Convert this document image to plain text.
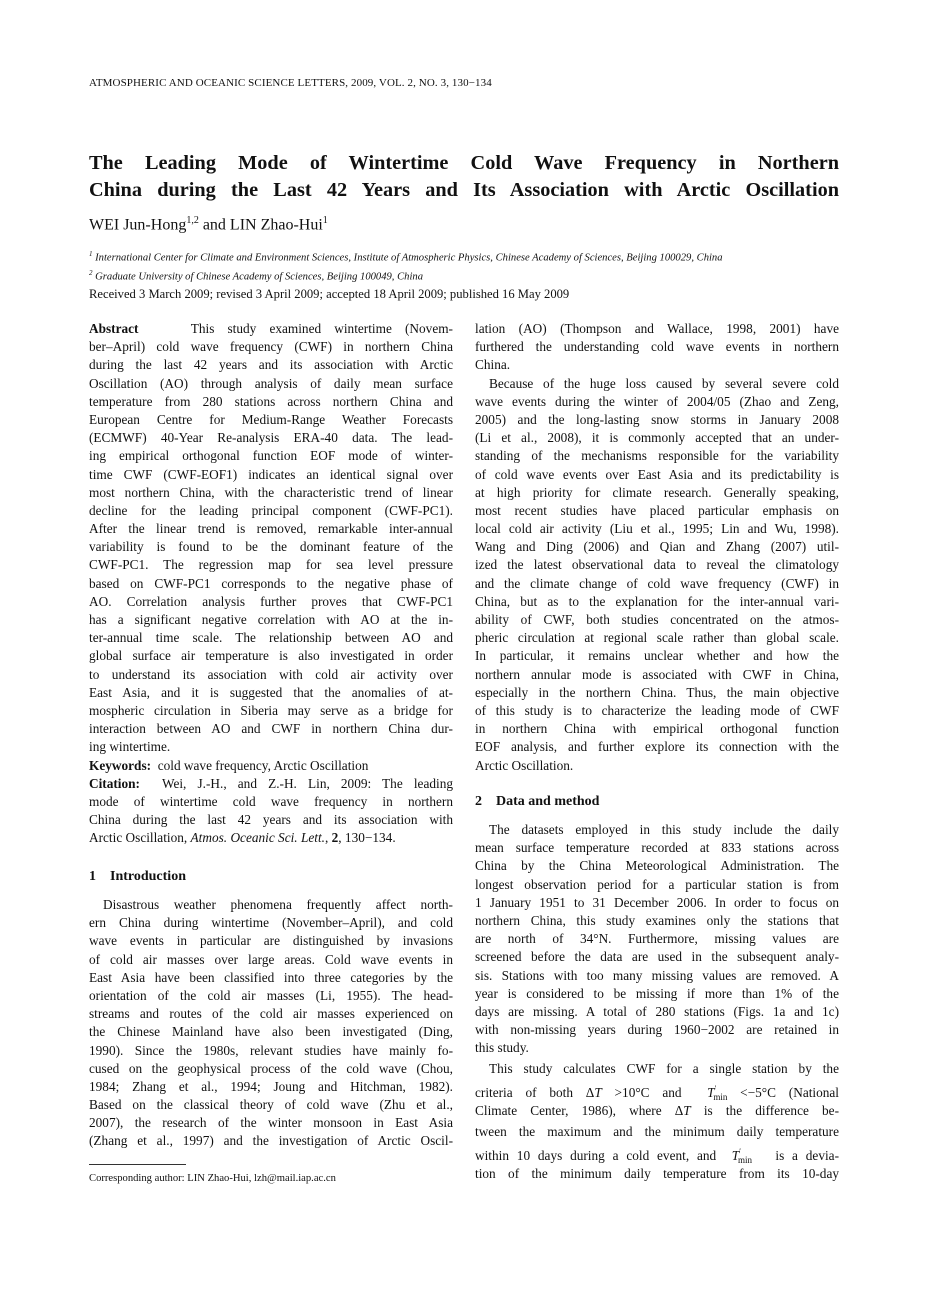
ATMOSPHERIC AND OCEANIC SCIENCE LETTERS, 2009, VOL. 2, NO. 3, 130−134
The Leading Mode of Wintertime Cold Wave Frequency in Northern
China during the Last 42 Years and Its Association with Arctic Oscillation
WEI Jun-Hong$^{1,2}$ and LIN Zhao-Hui$^1$
$^1$ International Center for Climate and Environment Sciences, Institute of Atmospheric Physics, Chinese Academy of Sciences, Beijing 100029, China
$^2$ Graduate University of Chinese Academy of Sciences, Beijing 100049, China
Received 3 March 2009; revised 3 April 2009; accepted 18 April 2009; published 16 May 2009
Abstract    This study examined wintertime (Novem-
ber–April) cold wave frequency (CWF) in northern China
during the last 42 years and its association with Arctic
Oscillation (AO) through analysis of daily mean surface
temperature from 280 stations across northern China and
European Centre for Medium-Range Weather Forecasts
(ECMWF) 40-Year Re-analysis ERA-40 data. The lead-
ing empirical orthogonal function EOF mode of winter-
time CWF (CWF-EOF1) indicates an identical signal over
most northern China, with the characteristic trend of linear
decline for the leading principal component (CWF-PC1).
After the linear trend is removed, remarkable inter-annual
variability is found to be the dominant feature of the
CWF-PC1. The regression map for sea level pressure
based on CWF-PC1 corresponds to the negative phase of
AO. Correlation analysis further proves that CWF-PC1
has a significant negative correlation with AO at the in-
ter-annual time scale. The relationship between AO and
global surface air temperature is also investigated in order
to understand its association with cold air activity over
East Asia, and it is suggested that the anomalies of at-
mospheric circulation in Siberia may serve as a bridge for
interaction between AO and CWF in northern China dur-
ing wintertime.
Keywords:  cold wave frequency, Arctic Oscillation
Citation:  Wei, J.-H., and Z.-H. Lin, 2009: The leading
mode of wintertime cold wave frequency in northern
China during the last 42 years and its association with
Arctic Oscillation, Atmos. Oceanic Sci. Lett., 2, 130−134.
1    Introduction
Disastrous weather phenomena frequently affect north-
ern China during wintertime (November–April), and cold
wave events in particular are distinguished by invasions
of cold air masses over large areas. Cold wave events in
East Asia have been classified into three categories by the
orientation of the cold air masses (Li, 1955). The head-
streams and routes of the cold air masses experienced on
the Chinese Mainland have also been investigated (Ding,
1990). Since the 1980s, relevant studies have mainly fo-
cused on the geophysical process of the cold wave (Chou,
1984; Zhang et al., 1994; Joung and Hitchman, 1982).
Based on the classical theory of cold wave (Zhu et al.,
2007), the research of the winter monsoon in East Asia
(Zhang et al., 1997) and the investigation of Arctic Oscil-
lation (AO) (Thompson and Wallace, 1998, 2001) have
furthered the understanding cold wave events in northern
China.
Because of the huge loss caused by several severe cold
wave events during the winter of 2004/05 (Zhao and Zeng,
2005) and the long-lasting snow storms in January 2008
(Li et al., 2008), it is commonly accepted that an under-
standing of the mechanisms responsible for the variability
of cold wave events over East Asia and its predictability is
at high priority for climate research. Generally speaking,
most recent studies have placed particular emphasis on
local cold air activity (Liu et al., 1995; Lin and Wu, 1998).
Wang and Ding (2006) and Qian and Zhang (2007) util-
ized the latest observational data to reveal the climatology
and the climate change of cold wave frequency (CWF) in
China, but as to the explanation for the inter-annual vari-
ability of CWF, both studies concentrated on the atmos-
pheric circulation at regional scale rather than global scale.
In particular, it remains unclear whether and how the
northern annular mode is associated with CWF in China,
especially in the northern China. Thus, the main objective
of this study is to characterize the leading mode of CWF
in northern China with empirical orthogonal function
EOF analysis, and further explore its connection with the
Arctic Oscillation.
2    Data and method
The datasets employed in this study include the daily
mean surface temperature recorded at 833 stations across
China by the China Meteorological Administration. The
longest observation period for a particular station is from
1 January 1951 to 31 December 2006. In order to focus on
northern China, this study examines only the stations that
are north of 34°N. Furthermore, missing values are
screened before the data are used in the subsequent analy-
sis. Stations with too many missing values are removed. A
year is considered to be missing if more than 1% of the
days are missing. A total of 280 stations (Figs. 1a and 1c)
with non-missing years during 1960−2002 are retained in
this study.
This study calculates CWF for a single station by the
criteria of both ΔT >10°C and  $T'_{min} <-5^\circ C$ (National
Climate Center, 1986), where ΔT is the difference be-
tween the maximum and the minimum daily temperature
within 10 days during a cold event, and  $T'_{min}$   is a devia-
tion of the minimum daily temperature from its 10-day
Corresponding author: LIN Zhao-Hui, lzh@mail.iap.ac.cn
